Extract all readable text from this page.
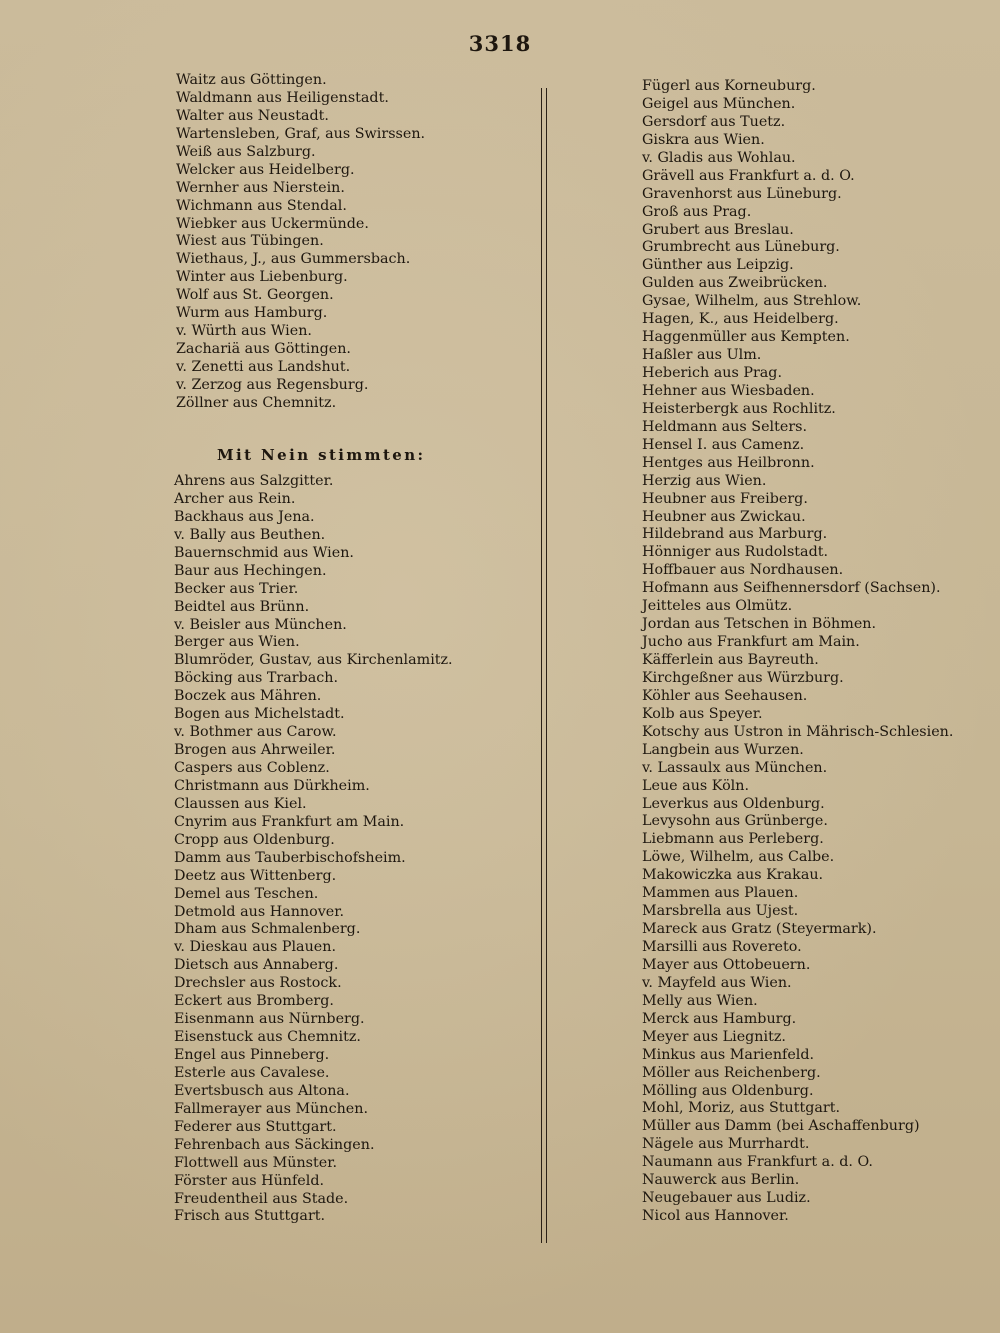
3318
Waitz aus Göttingen.
Waldmann aus Heiligenstadt.
Walter aus Neustadt.
Wartensleben, Graf, aus Swirssen.
Weiß aus Salzburg.
Welcker aus Heidelberg.
Wernher aus Nierstein.
Wichmann aus Stendal.
Wiebker aus Uckermünde.
Wiest aus Tübingen.
Wiethaus, J., aus Gummersbach.
Winter aus Liebenburg.
Wolf aus St. Georgen.
Wurm aus Hamburg.
v. Würth aus Wien.
Zachariä aus Göttingen.
v. Zenetti aus Landshut.
v. Zerzog aus Regensburg.
Zöllner aus Chemnitz.
Mit Nein stimmten:
Ahrens aus Salzgitter.
Archer aus Rein.
Backhaus aus Jena.
v. Bally aus Beuthen.
Bauernschmid aus Wien.
Baur aus Hechingen.
Becker aus Trier.
Beidtel aus Brünn.
v. Beisler aus München.
Berger aus Wien.
Blumröder, Gustav, aus Kirchenlamitz.
Böcking aus Trarbach.
Boczek aus Mähren.
Bogen aus Michelstadt.
v. Bothmer aus Carow.
Brogen aus Ahrweiler.
Caspers aus Coblenz.
Christmann aus Dürkheim.
Claussen aus Kiel.
Cnyrim aus Frankfurt am Main.
Cropp aus Oldenburg.
Damm aus Tauberbischofsheim.
Deetz aus Wittenberg.
Demel aus Teschen.
Detmold aus Hannover.
Dham aus Schmalenberg.
v. Dieskau aus Plauen.
Dietsch aus Annaberg.
Drechsler aus Rostock.
Eckert aus Bromberg.
Eisenmann aus Nürnberg.
Eisenstuck aus Chemnitz.
Engel aus Pinneberg.
Esterle aus Cavalese.
Evertsbusch aus Altona.
Fallmerayer aus München.
Federer aus Stuttgart.
Fehrenbach aus Säckingen.
Flottwell aus Münster.
Förster aus Hünfeld.
Freudentheil aus Stade.
Frisch aus Stuttgart.
Fügerl aus Korneuburg.
Geigel aus München.
Gersdorf aus Tuetz.
Giskra aus Wien.
v. Gladis aus Wohlau.
Grävell aus Frankfurt a. d. O.
Gravenhorst aus Lüneburg.
Groß aus Prag.
Grubert aus Breslau.
Grumbrecht aus Lüneburg.
Günther aus Leipzig.
Gulden aus Zweibrücken.
Gysae, Wilhelm, aus Strehlow.
Hagen, K., aus Heidelberg.
Haggenmüller aus Kempten.
Haßler aus Ulm.
Heberich aus Prag.
Hehner aus Wiesbaden.
Heisterbergk aus Rochlitz.
Heldmann aus Selters.
Hensel I. aus Camenz.
Hentges aus Heilbronn.
Herzig aus Wien.
Heubner aus Freiberg.
Heubner aus Zwickau.
Hildebrand aus Marburg.
Hönniger aus Rudolstadt.
Hoffbauer aus Nordhausen.
Hofmann aus Seifhennersdorf (Sachsen).
Jeitteles aus Olmütz.
Jordan aus Tetschen in Böhmen.
Jucho aus Frankfurt am Main.
Käfferlein aus Bayreuth.
Kirchgeßner aus Würzburg.
Köhler aus Seehausen.
Kolb aus Speyer.
Kotschy aus Ustron in Mährisch-Schlesien.
Langbein aus Wurzen.
v. Lassaulx aus München.
Leue aus Köln.
Leverkus aus Oldenburg.
Levysohn aus Grünberge.
Liebmann aus Perleberg.
Löwe, Wilhelm, aus Calbe.
Makowiczka aus Krakau.
Mammen aus Plauen.
Marsbrella aus Ujest.
Mareck aus Gratz (Steyermark).
Marsilli aus Rovereto.
Mayer aus Ottobeuern.
v. Mayfeld aus Wien.
Melly aus Wien.
Merck aus Hamburg.
Meyer aus Liegnitz.
Minkus aus Marienfeld.
Möller aus Reichenberg.
Mölling aus Oldenburg.
Mohl, Moriz, aus Stuttgart.
Müller aus Damm (bei Aschaffenburg)
Nägele aus Murrhardt.
Naumann aus Frankfurt a. d. O.
Nauwerck aus Berlin.
Neugebauer aus Ludiz.
Nicol aus Hannover.
